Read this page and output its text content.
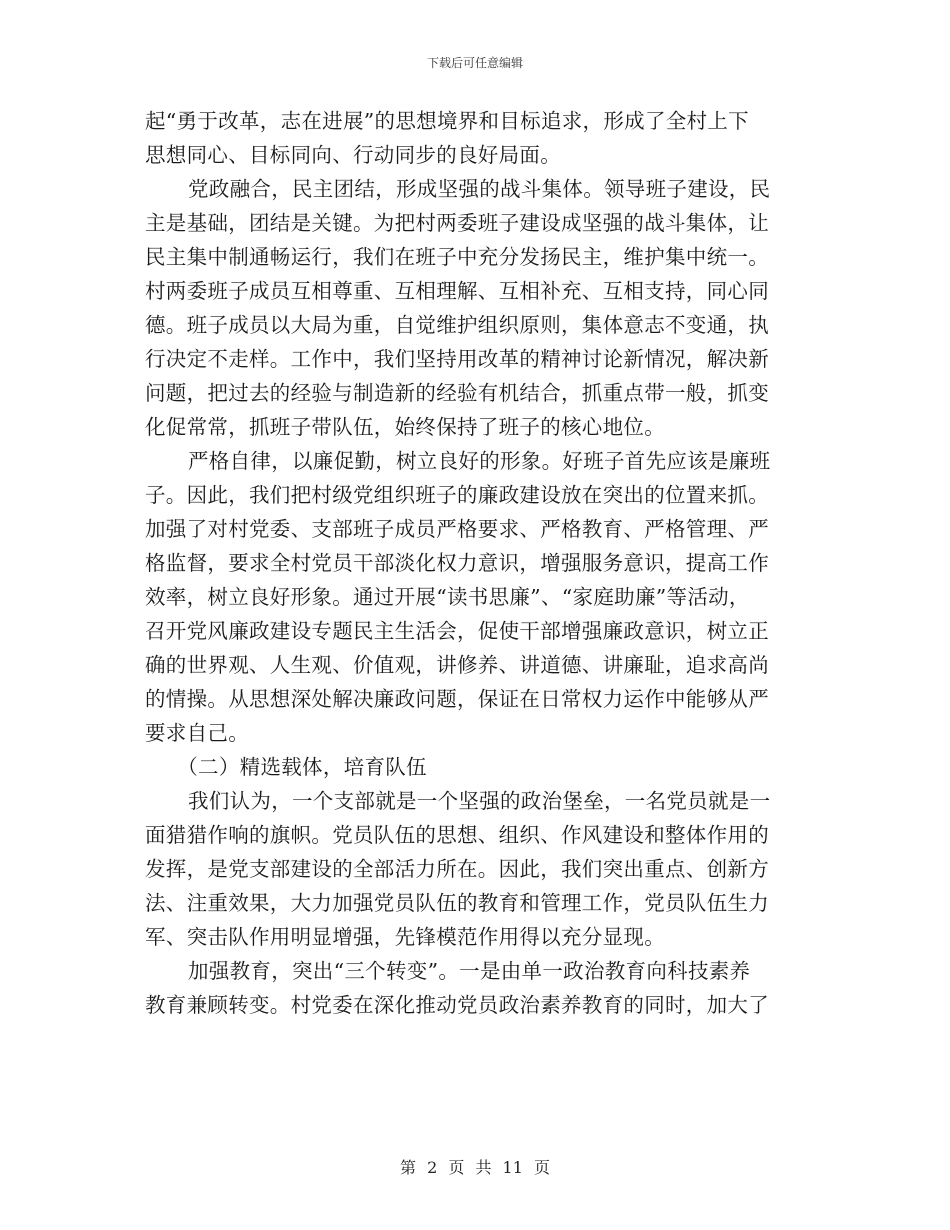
下载后可任意编辑
起“勇于改革，志在进展”的思想境界和目标追求，形成了全村上下
思想同心、目标同向、行动同步的良好局面。
党政融合，民主团结，形成坚强的战斗集体。领导班子建设，民
主是基础，团结是关键。为把村两委班子建设成坚强的战斗集体，让
民主集中制通畅运行，我们在班子中充分发扬民主，维护集中统一。
村两委班子成员互相尊重、互相理解、互相补充、互相支持，同心同
德。班子成员以大局为重，自觉维护组织原则，集体意志不变通，执
行决定不走样。工作中，我们坚持用改革的精神讨论新情况，解决新
问题，把过去的经验与制造新的经验有机结合，抓重点带一般，抓变
化促常常，抓班子带队伍，始终保持了班子的核心地位。
严格自律，以廉促勤，树立良好的形象。好班子首先应该是廉班
子。因此，我们把村级党组织班子的廉政建设放在突出的位置来抓。
加强了对村党委、支部班子成员严格要求、严格教育、严格管理、严
格监督，要求全村党员干部淡化权力意识，增强服务意识，提高工作
效率，树立良好形象。通过开展“读书思廉”、“家庭助廉”等活动，
召开党风廉政建设专题民主生活会，促使干部增强廉政意识，树立正
确的世界观、人生观、价值观，讲修养、讲道德、讲廉耻，追求高尚
的情操。从思想深处解决廉政问题，保证在日常权力运作中能够从严
要求自己。
（二）精选载体，培育队伍
我们认为，一个支部就是一个坚强的政治堡垒，一名党员就是一
面猎猎作响的旗帜。党员队伍的思想、组织、作风建设和整体作用的
发挥，是党支部建设的全部活力所在。因此，我们突出重点、创新方
法、注重效果，大力加强党员队伍的教育和管理工作，党员队伍生力
军、突击队作用明显增强，先锋模范作用得以充分显现。
加强教育，突出“三个转变”。一是由单一政治教育向科技素养
教育兼顾转变。村党委在深化推动党员政治素养教育的同时，加大了
第 2 页 共 11 页
